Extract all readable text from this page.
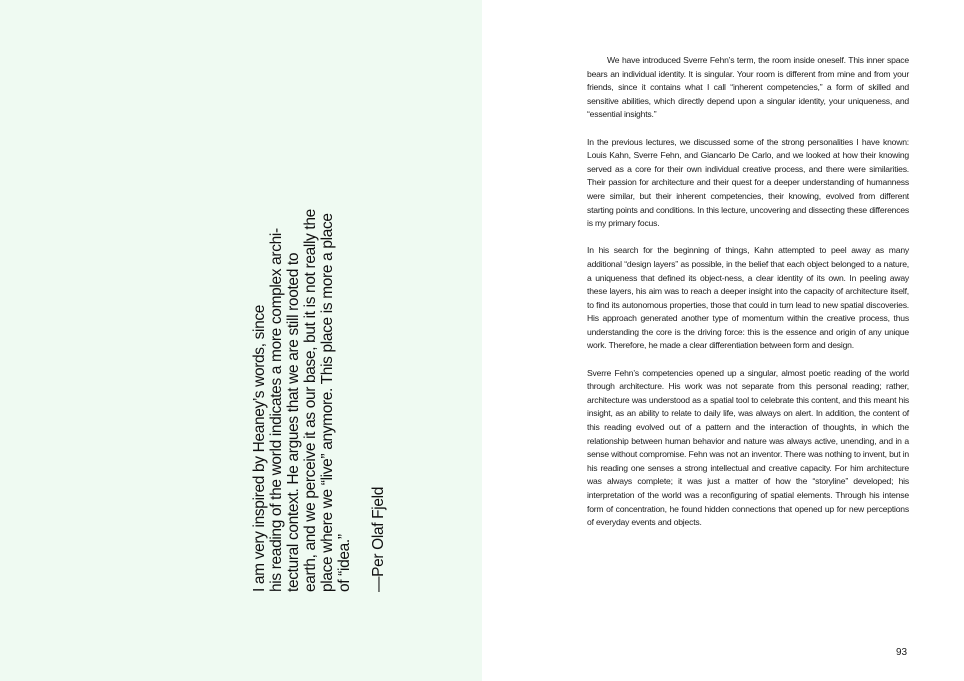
I am very inspired by Heaney’s words, since his reading of the world indicates a more complex archi- tectural context. He argues that we are still rooted to earth, and we perceive it as our base, but it is not really the place where we “live” anymore. This place is more a place of “idea.” —Per Olaf Fjeld

We have introduced Sverre Fehn’s term, the room inside oneself. This inner space bears an individual identity. It is singular. Your room is different from mine and from your friends, since it contains what I call “inherent competencies,” a form of skilled and sensitive abilities, which directly depend upon a singular identity, your uniqueness, and “essential insights.”

In the previous lectures, we discussed some of the strong personalities I have known: Louis Kahn, Sverre Fehn, and Giancarlo De Carlo, and we looked at how their knowing served as a core for their own individual creative process, and there were similarities. Their passion for architecture and their quest for a deeper understanding of humanness were similar, but their inherent competencies, their knowing, evolved from different starting points and conditions. In this lecture, uncovering and dissecting these differences is my primary focus.

In his search for the beginning of things, Kahn attempted to peel away as many additional “design layers” as possible, in the belief that each object belonged to a nature, a uniqueness that defined its object-ness, a clear identity of its own. In peeling away these layers, his aim was to reach a deeper insight into the capacity of architecture itself, to find its autonomous properties, those that could in turn lead to new spatial discoveries. His approach generated another type of momentum within the creative process, thus understanding the core is the driving force: this is the essence and origin of any unique work. Therefore, he made a clear differentiation between form and design.

Sverre Fehn’s competencies opened up a singular, almost poetic reading of the world through architecture. His work was not separate from this personal reading; rather, architecture was understood as a spatial tool to celebrate this content, and this meant his insight, as an ability to relate to daily life, was always on alert. In addition, the content of this reading evolved out of a pattern and the interaction of thoughts, in which the relationship between human behavior and nature was always active, unending, and in a sense without compromise. Fehn was not an inventor. There was nothing to invent, but in his reading one senses a strong intellectual and creative capacity. For him architecture was always complete; it was just a matter of how the “storyline” developed; his interpretation of the world was a reconfiguring of spatial elements. Through his intense form of concentration, he found hidden connections that opened up for new perceptions of everyday events and objects.

93
